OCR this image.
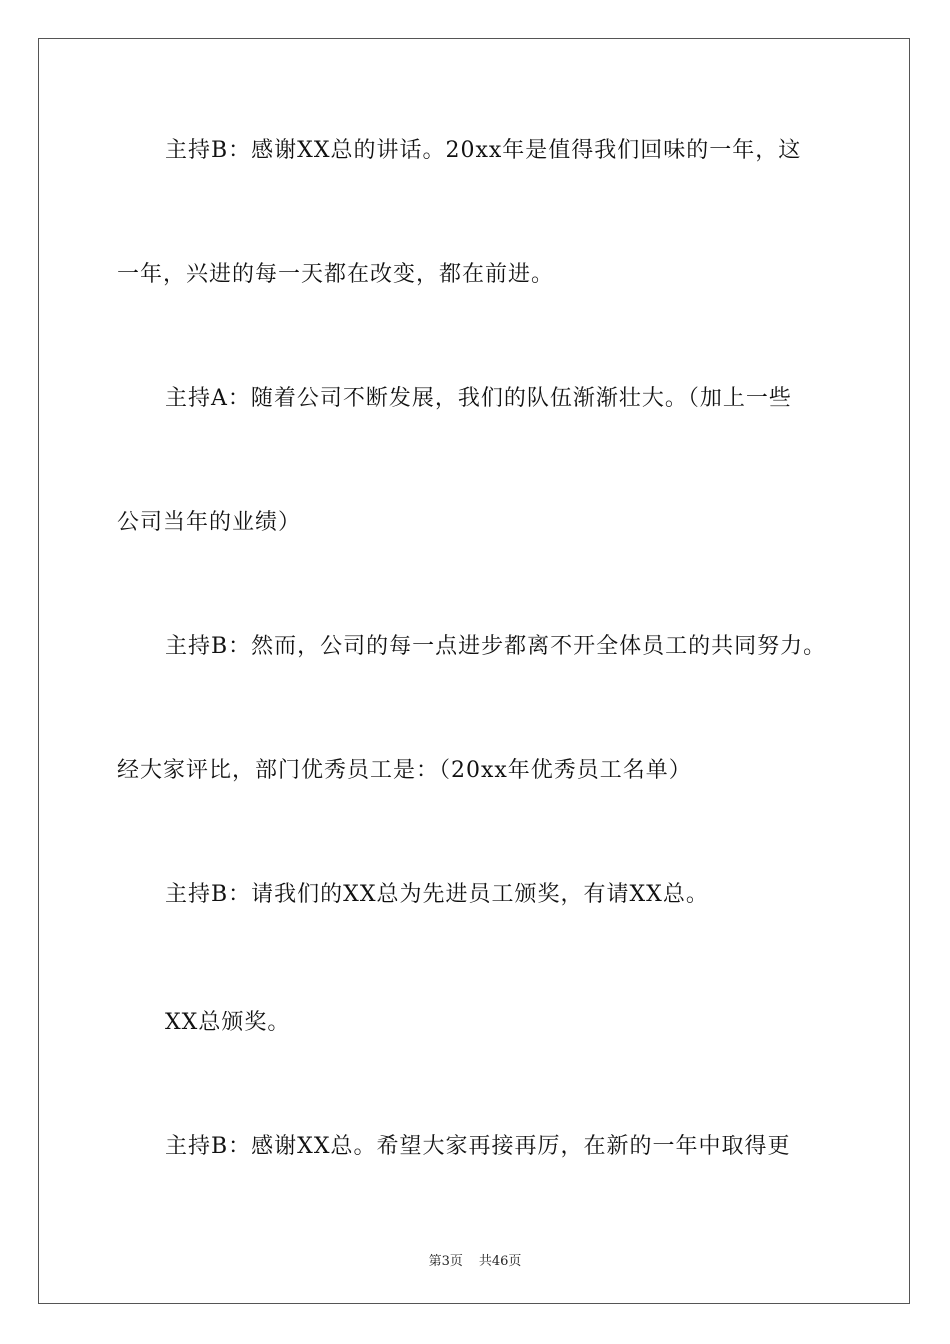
主持B：感谢XX总的讲话。20xx年是值得我们回味的一年，这
一年，兴进的每一天都在改变，都在前进。
主持A：随着公司不断发展，我们的队伍渐渐壮大。（加上一些
公司当年的业绩）
主持B：然而，公司的每一点进步都离不开全体员工的共同努力。
经大家评比，部门优秀员工是：（20xx年优秀员工名单）
主持B：请我们的XX总为先进员工颁奖，有请XX总。
XX总颁奖。
主持B：感谢XX总。希望大家再接再厉，在新的一年中取得更
第3页 共46页
